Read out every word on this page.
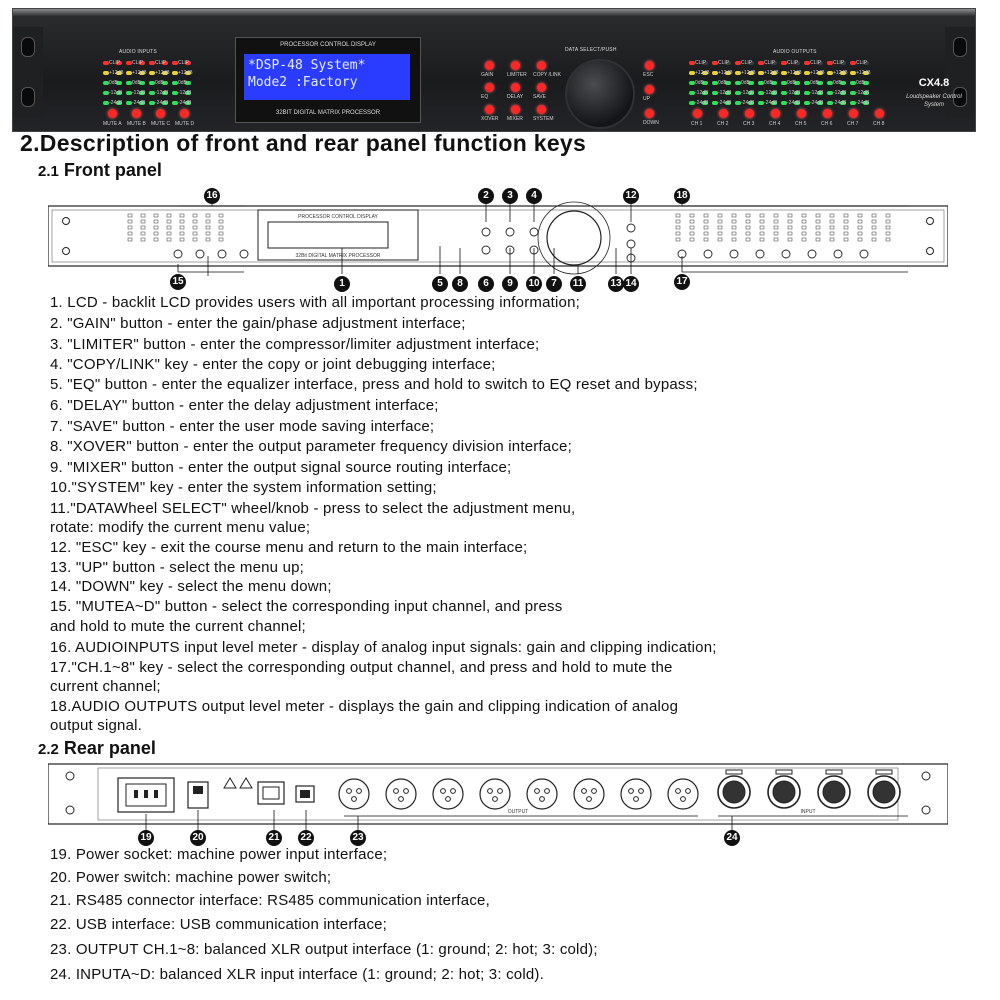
AUDIO INPUTS	AUDIO OUTPUTS
CLIP
+12dB
0dB
-12dB
-24dB
CLIP
+12dB
0dB
-12dB
-24dB
CLIP
+12dB
0dB
-12dB
-24dB
CLIP
+12dB
0dB
-12dB
-24dB
CLIP
+12dB
0dB
-12dB
-24dB
CLIP
+12dB
0dB
-12dB
-24dB
CLIP
+12dB
0dB
-12dB
-24dB
CLIP
+12dB
0dB
-12dB
-24dB
CLIP
+12dB
0dB
-12dB
-24dB
CLIP
+12dB
0dB
-12dB
-24dB
CLIP
+12dB
0dB
-12dB
-24dB
CLIP
+12dB
0dB
-12dB
-24dB
MUTE A MUTE B MUTE C MUTE D	CH 1	CH 2	CH 3	CH 4	CH 5	CH 6	CH 7	CH 8
PROCESSOR CONTROL DISPLAY
*DSP-48 System*
Mode2 :Factory
32BIT DIGITAL MATRIX PROCESSOR
GAIN	LIMITER COPY /LINK
EQ	DELAY SAVE
XOVER MIXER SYSTEM
DATA SELECT/PUSH
ESC
UP
DOWN
CX4.8
Loudspeaker Control System
2.Description of front and rear panel function keys
2.1 Front panel
PROCESSOR CONTROL DISPLAY
32Bit DIGITAL MATRIX PROCESSOR
1
2	3	4
5	6	7
8	9	10	11
12
13 14
15
16
17
18
1. LCD - backlit LCD provides users with all important processing information;
2. "GAIN" button - enter the gain/phase adjustment interface;
3. "LIMITER" button - enter the compressor/limiter adjustment interface;
4. "COPY/LINK" key - enter the copy or joint debugging interface;
5. "EQ" button - enter the equalizer interface, press and hold to switch to EQ reset and bypass;
6. "DELAY" button - enter the delay adjustment interface;
7. "SAVE" button - enter the user mode saving interface;
8. "XOVER" button - enter the output parameter frequency division interface;
9. "MIXER" button - enter the output signal source routing interface;
10."SYSTEM" key - enter the system information setting;
11."DATAWheel SELECT" wheel/knob - press to select the adjustment menu,
rotate: modify the current menu value;
12. "ESC" key - exit the course menu and return to the main interface;
13. "UP" button - select the menu up;
14. "DOWN" key - select the menu down;
15. "MUTEA~D" button - select the corresponding input channel, and press
and hold to mute the current channel;
16. AUDIOINPUTS input level meter - display of analog input signals: gain and clipping indication;
17."CH.1~8" key - select the corresponding output channel, and press and hold to mute the
current channel;
18.AUDIO OUTPUTS output level meter - displays the gain and clipping indication of analog
output signal.
2.2 Rear panel
OUTPUT	INPUT
19	20	21 22	23	24
19. Power socket: machine power input interface;
20. Power switch: machine power switch;
21. RS485 connector interface: RS485 communication interface,
22. USB interface: USB communication interface;
23. OUTPUT CH.1~8: balanced XLR output interface (1: ground; 2: hot; 3: cold);
24. INPUTA~D: balanced XLR input interface (1: ground; 2: hot; 3: cold).
